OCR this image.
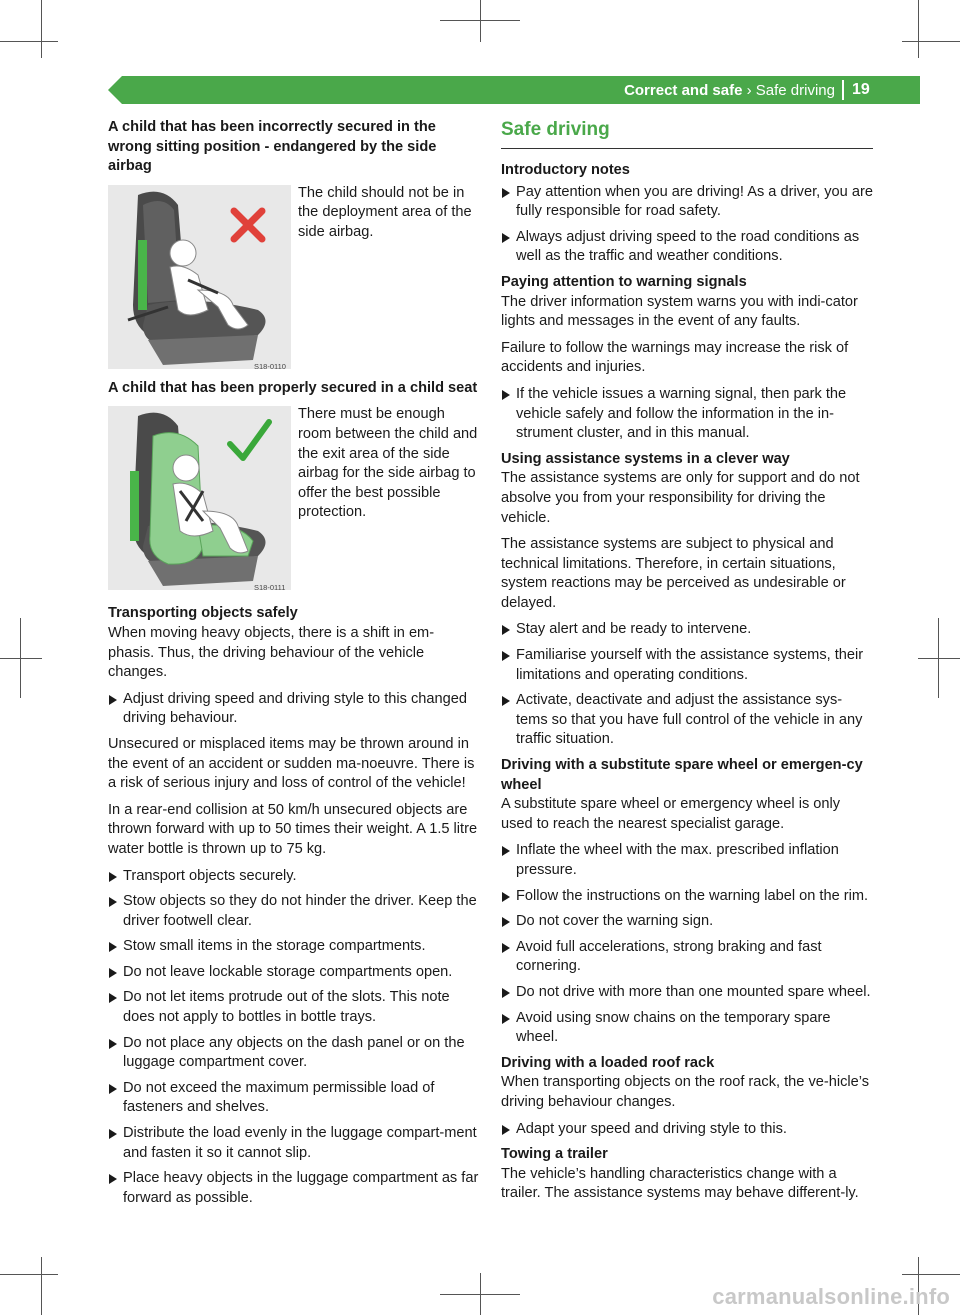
Correct and safe › Safe driving 19
A child that has been incorrectly secured in the wrong sitting position - endangered by the side airbag
S18-0110
The child should not be in the deployment area of the side airbag.
A child that has been properly secured in a child seat
S18-0111
There must be enough room between the child and the exit area of the side airbag for the side airbag to offer the best possible protection.
Transporting objects safely
When moving heavy objects, there is a shift in em-phasis. Thus, the driving behaviour of the vehicle changes.
Adjust driving speed and driving style to this changed driving behaviour.
Unsecured or misplaced items may be thrown around in the event of an accident or sudden ma-noeuvre. There is a risk of serious injury and loss of control of the vehicle!
In a rear-end collision at 50 km/h unsecured objects are thrown forward with up to 50 times their weight. A 1.5 litre water bottle is thrown up to 75 kg.
Transport objects securely.
Stow objects so they do not hinder the driver. Keep the driver footwell clear.
Stow small items in the storage compartments.
Do not leave lockable storage compartments open.
Do not let items protrude out of the slots. This note does not apply to bottles in bottle trays.
Do not place any objects on the dash panel or on the luggage compartment cover.
Do not exceed the maximum permissible load of fasteners and shelves.
Distribute the load evenly in the luggage compart-ment and fasten it so it cannot slip.
Place heavy objects in the luggage compartment as far forward as possible.
Safe driving
Introductory notes
Pay attention when you are driving! As a driver, you are fully responsible for road safety.
Always adjust driving speed to the road conditions as well as the traffic and weather conditions.
Paying attention to warning signals
The driver information system warns you with indi-cator lights and messages in the event of any faults.
Failure to follow the warnings may increase the risk of accidents and injuries.
If the vehicle issues a warning signal, then park the vehicle safely and follow the information in the in-strument cluster, and in this manual.
Using assistance systems in a clever way
The assistance systems are only for support and do not absolve you from your responsibility for driving the vehicle.
The assistance systems are subject to physical and technical limitations. Therefore, in certain situations, system reactions may be perceived as undesirable or delayed.
Stay alert and be ready to intervene.
Familiarise yourself with the assistance systems, their limitations and operating conditions.
Activate, deactivate and adjust the assistance sys-tems so that you have full control of the vehicle in any traffic situation.
Driving with a substitute spare wheel or emergen-cy wheel
A substitute spare wheel or emergency wheel is only used to reach the nearest specialist garage.
Inflate the wheel with the max. prescribed inflation pressure.
Follow the instructions on the warning label on the rim.
Do not cover the warning sign.
Avoid full accelerations, strong braking and fast cornering.
Do not drive with more than one mounted spare wheel.
Avoid using snow chains on the temporary spare wheel.
Driving with a loaded roof rack
When transporting objects on the roof rack, the ve-hicle’s driving behaviour changes.
Adapt your speed and driving style to this.
Towing a trailer
The vehicle’s handling characteristics change with a trailer. The assistance systems may behave different-ly.
carmanualsonline.info
